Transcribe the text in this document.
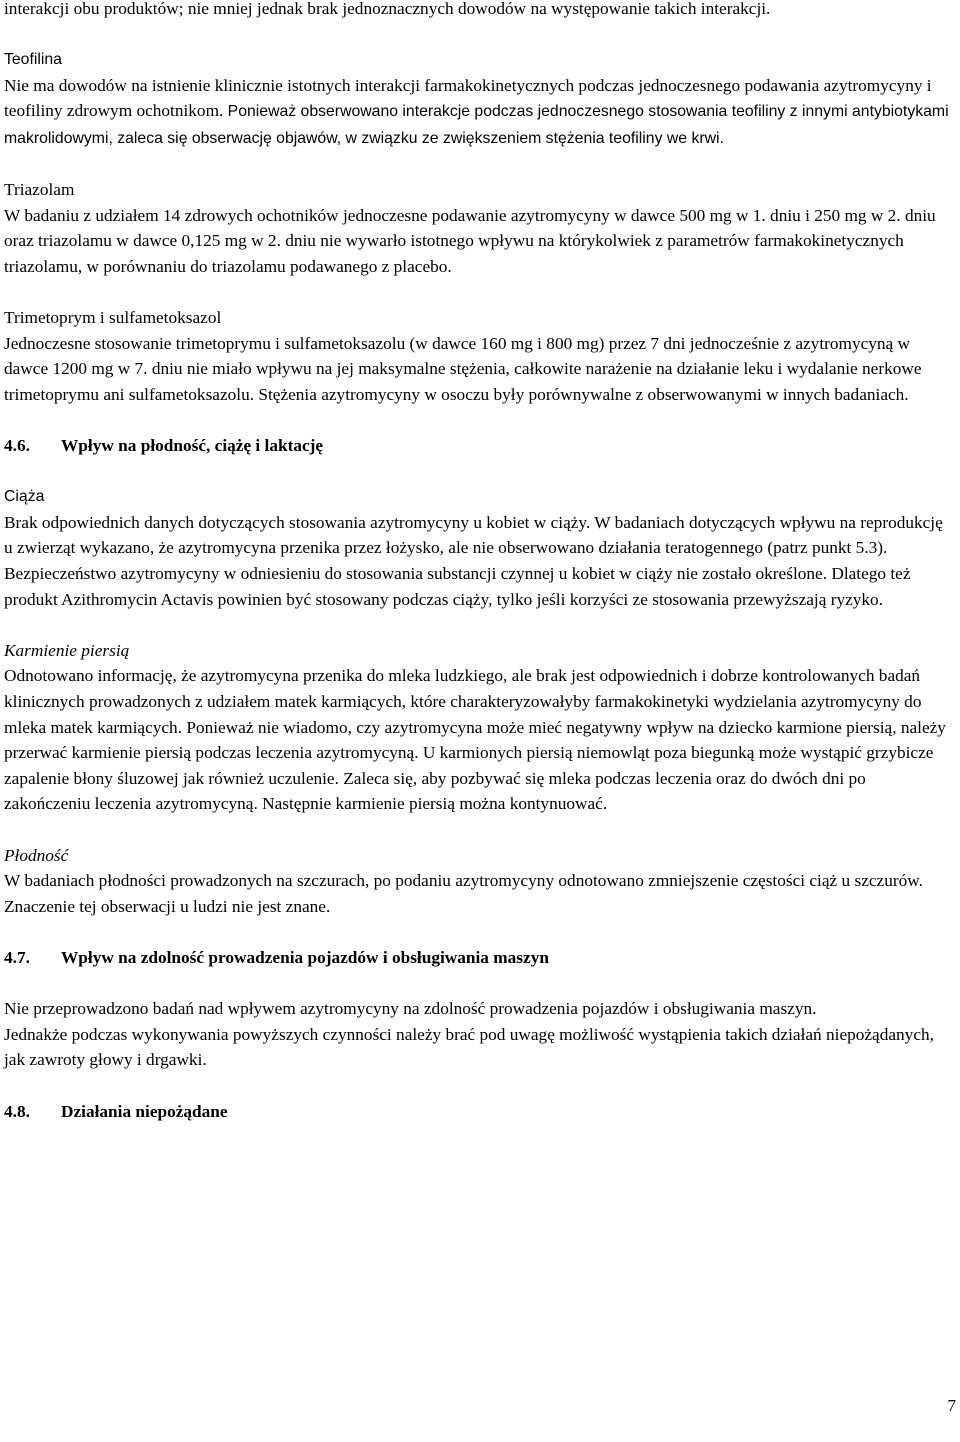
interakcji obu produktów; nie mniej jednak brak jednoznacznych dowodów na występowanie takich interakcji.

Teofilina

Nie ma dowodów na istnienie klinicznie istotnych interakcji farmakokinetycznych podczas jednoczesnego podawania azytromycyny i teofiliny zdrowym ochotnikom. Ponieważ obserwowano interakcje podczas jednoczesnego stosowania teofiliny z innymi antybiotykami makrolidowymi, zaleca się obserwację objawów, w związku ze zwiększeniem stężenia teofiliny we krwi.

Triazolam

W badaniu z udziałem 14 zdrowych ochotników jednoczesne podawanie azytromycyny w dawce 500 mg w 1. dniu i 250 mg w 2. dniu oraz triazolamu w dawce 0,125 mg w 2. dniu nie wywarło istotnego wpływu na którykolwiek z parametrów farmakokinetycznych triazolamu, w porównaniu do triazolamu podawanego z placebo.

Trimetoprym i sulfametoksazol

Jednoczesne stosowanie trimetoprymu i sulfametoksazolu (w dawce 160 mg i 800 mg) przez 7 dni jednocześnie z azytromycyną w dawce 1200 mg w 7. dniu nie miało wpływu na jej maksymalne stężenia, całkowite narażenie na działanie leku i wydalanie nerkowe trimetoprymu ani sulfametoksazolu. Stężenia azytromycyny w osoczu były porównywalne z obserwowanymi w innych badaniach.

4.6. Wpływ na płodność, ciążę i laktację

Ciąża

Brak odpowiednich danych dotyczących stosowania azytromycyny u kobiet w ciąży. W badaniach dotyczących wpływu na reprodukcję u zwierząt wykazano, że azytromycyna przenika przez łożysko, ale nie obserwowano działania teratogennego (patrz punkt 5.3). Bezpieczeństwo azytromycyny w odniesieniu do stosowania substancji czynnej u kobiet w ciąży nie zostało określone. Dlatego też produkt Azithromycin Actavis powinien być stosowany podczas ciąży, tylko jeśli korzyści ze stosowania przewyższają ryzyko.

Karmienie piersią

Odnotowano informację, że azytromycyna przenika do mleka ludzkiego, ale brak jest odpowiednich i dobrze kontrolowanych badań klinicznych prowadzonych z udziałem matek karmiących, które charakteryzowałyby farmakokinetyki wydzielania azytromycyny do mleka matek karmiących. Ponieważ nie wiadomo, czy azytromycyna może mieć negatywny wpływ na dziecko karmione piersią, należy przerwać karmienie piersią podczas leczenia azytromycyną. U karmionych piersią niemowląt poza biegunką może wystąpić grzybicze zapalenie błony śluzowej jak również uczulenie. Zaleca się, aby pozbywać się mleka podczas leczenia oraz do dwóch dni po zakończeniu leczenia azytromycyną. Następnie karmienie piersią można kontynuować.

Płodność

W badaniach płodności prowadzonych na szczurach, po podaniu azytromycyny odnotowano zmniejszenie częstości ciąż u szczurów. Znaczenie tej obserwacji u ludzi nie jest znane.

4.7. Wpływ na zdolność prowadzenia pojazdów i obsługiwania maszyn

Nie przeprowadzono badań nad wpływem azytromycyny na zdolność prowadzenia pojazdów i obsługiwania maszyn.

Jednakże podczas wykonywania powyższych czynności należy brać pod uwagę możliwość wystąpienia takich działań niepożądanych, jak zawroty głowy i drgawki.

4.8. Działania niepożądane

7
